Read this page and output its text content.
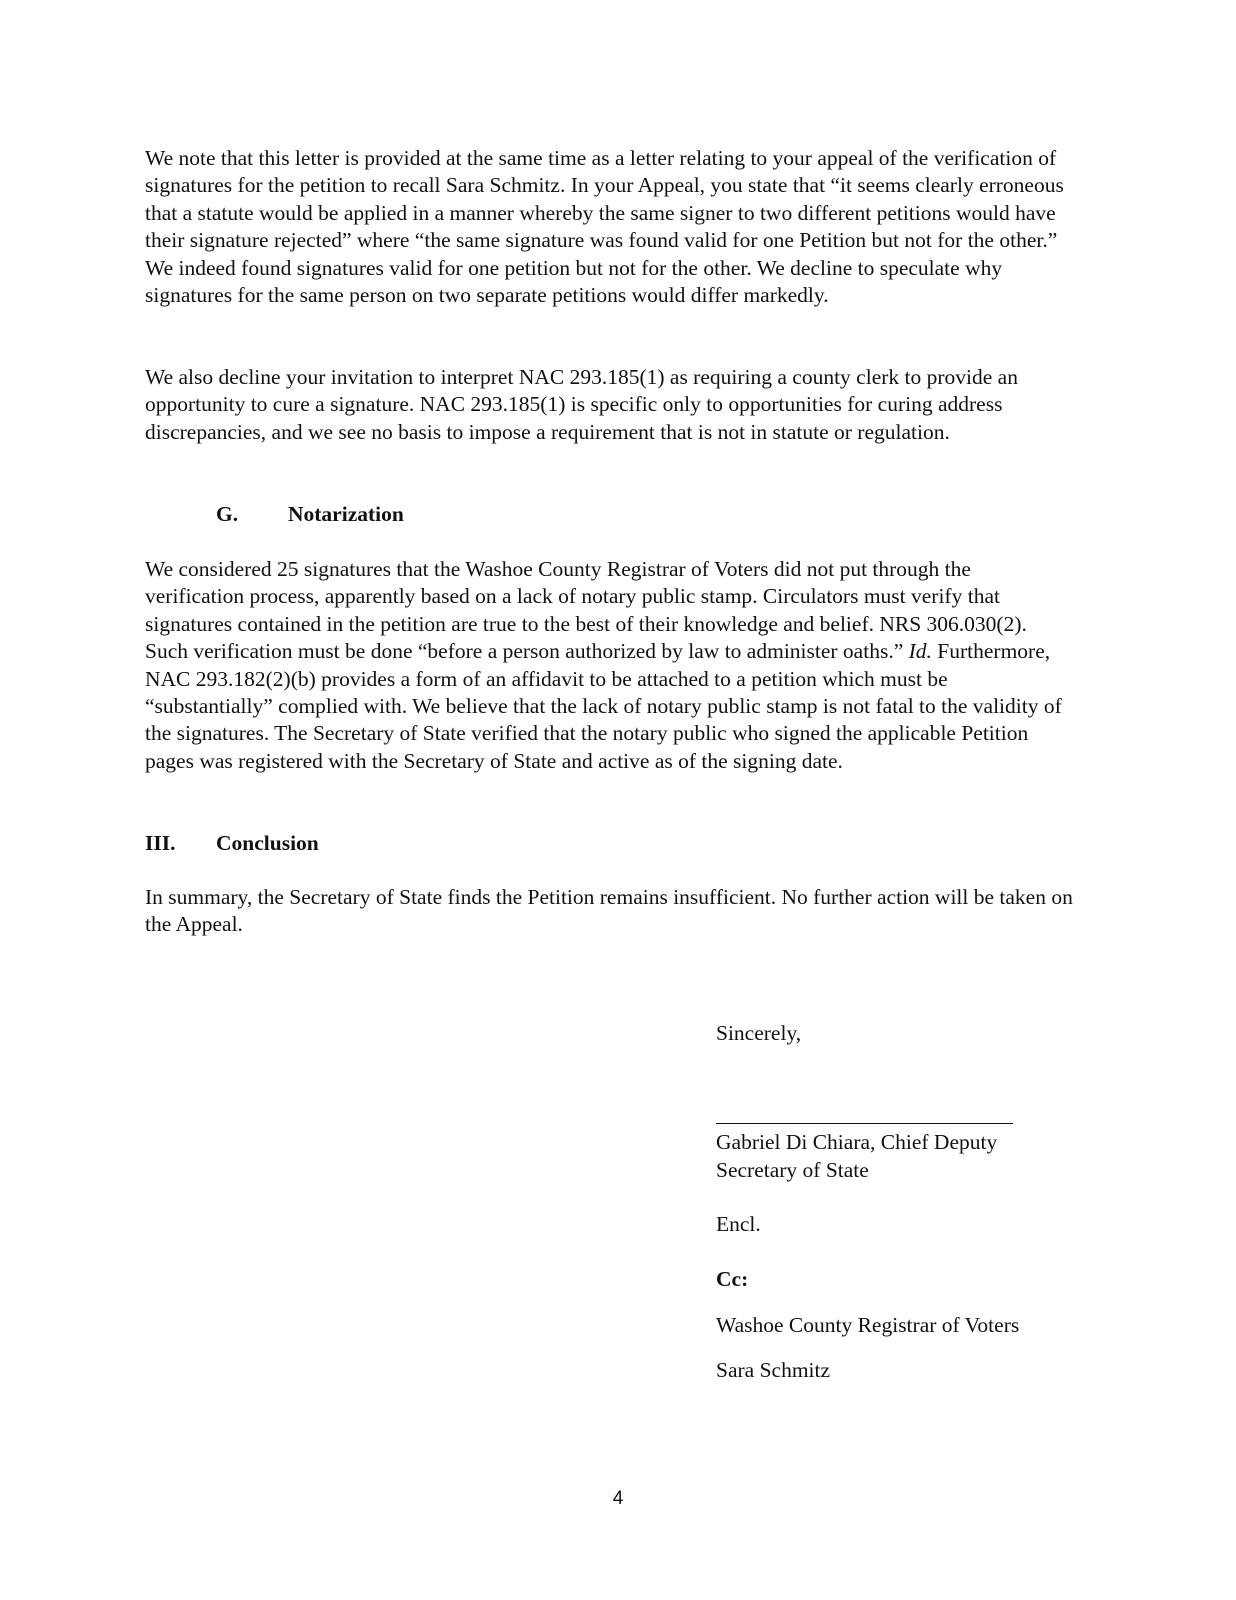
We note that this letter is provided at the same time as a letter relating to your appeal of the verification of signatures for the petition to recall Sara Schmitz. In your Appeal, you state that “it seems clearly erroneous that a statute would be applied in a manner whereby the same signer to two different petitions would have their signature rejected” where “the same signature was found valid for one Petition but not for the other.” We indeed found signatures valid for one petition but not for the other. We decline to speculate why signatures for the same person on two separate petitions would differ markedly.

We also decline your invitation to interpret NAC 293.185(1) as requiring a county clerk to provide an opportunity to cure a signature. NAC 293.185(1) is specific only to opportunities for curing address discrepancies, and we see no basis to impose a requirement that is not in statute or regulation.

G. Notarization

We considered 25 signatures that the Washoe County Registrar of Voters did not put through the verification process, apparently based on a lack of notary public stamp. Circulators must verify that signatures contained in the petition are true to the best of their knowledge and belief. NRS 306.030(2). Such verification must be done “before a person authorized by law to administer oaths.” Id. Furthermore, NAC 293.182(2)(b) provides a form of an affidavit to be attached to a petition which must be “substantially” complied with. We believe that the lack of notary public stamp is not fatal to the validity of the signatures. The Secretary of State verified that the notary public who signed the applicable Petition pages was registered with the Secretary of State and active as of the signing date.

III. Conclusion

In summary, the Secretary of State finds the Petition remains insufficient. No further action will be taken on the Appeal.

Sincerely,
Gabriel Di Chiara, Chief Deputy
Secretary of State
Encl.
Cc:
Washoe County Registrar of Voters
Sara Schmitz
4
